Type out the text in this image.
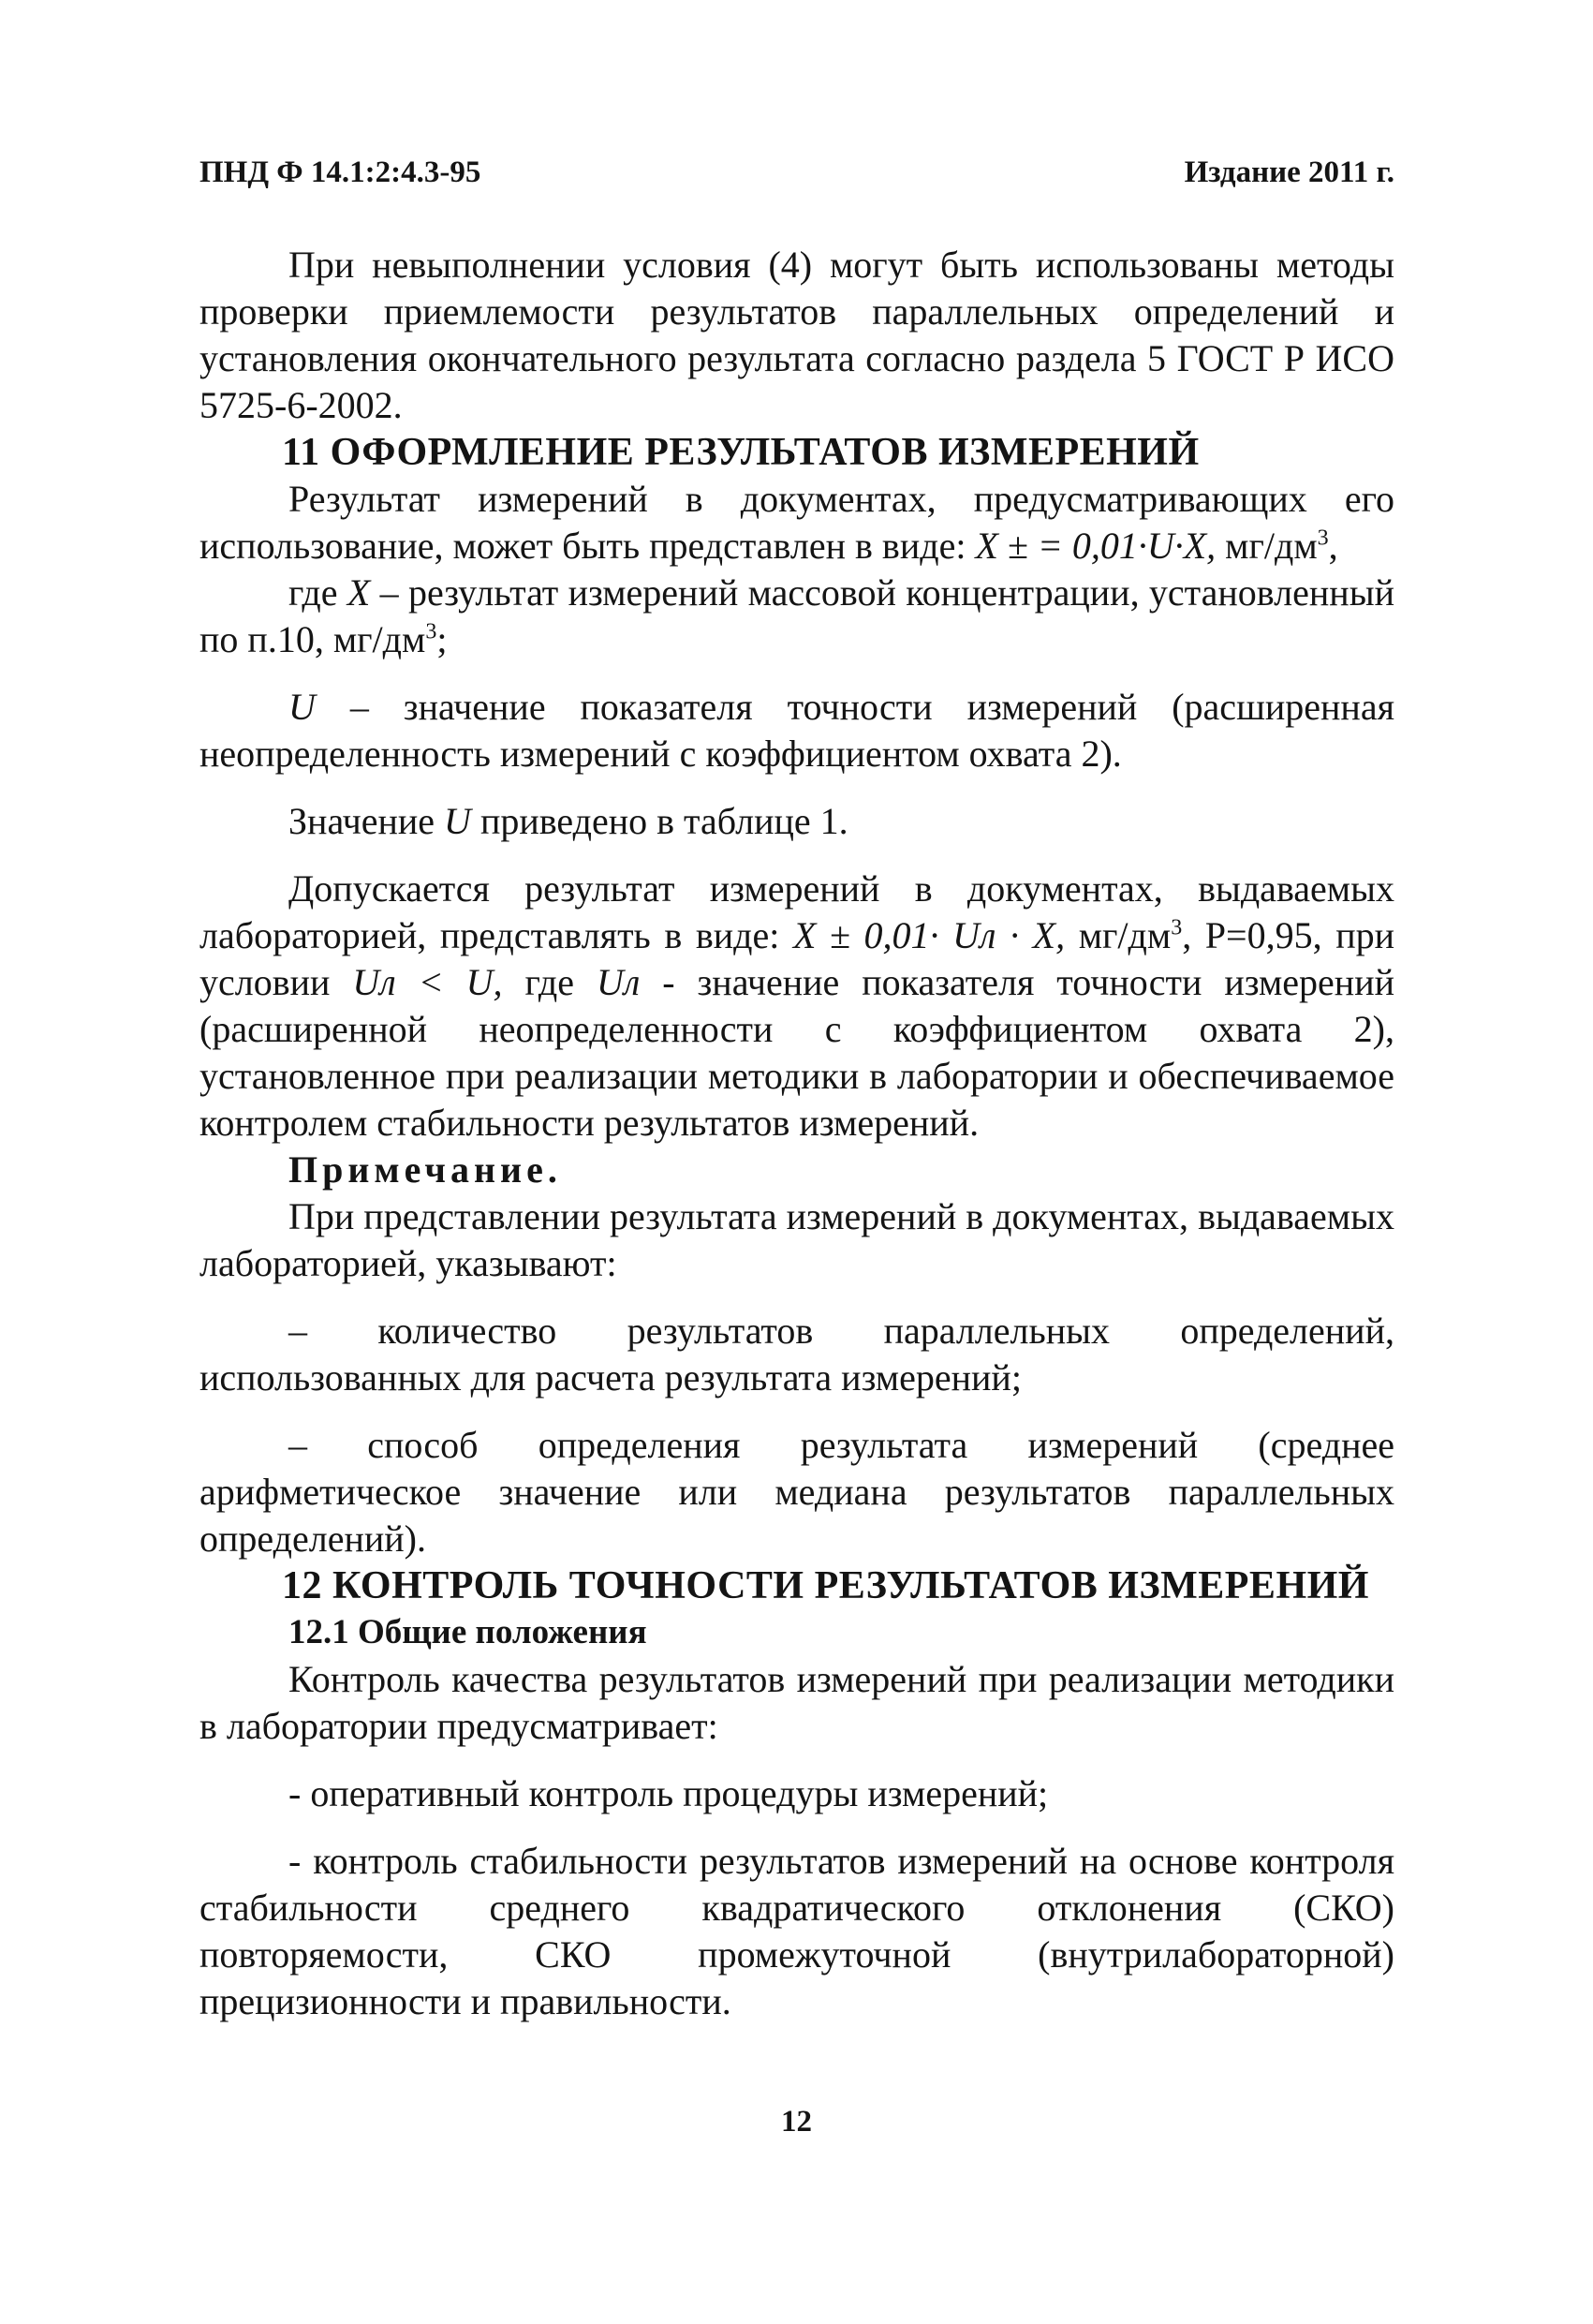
ПНД Ф 14.1:2:4.3-95	Издание 2011 г.

При невыполнении условия (4) могут быть использованы методы проверки приемлемости результатов параллельных определений и установления окончательного результата согласно раздела 5 ГОСТ Р ИСО 5725-6-2002.

11 ОФОРМЛЕНИЕ РЕЗУЛЬТАТОВ ИЗМЕРЕНИЙ

Результат измерений в документах, предусматривающих его использование, может быть представлен в виде: X ± = 0,01·U·X, $мг/дм^3$,

где X – результат измерений массовой концентрации, установленный по п.10, $мг/дм^3$;

U – значение показателя точности измерений (расширенная неопределенность измерений с коэффициентом охвата 2).

Значение U приведено в таблице 1.

Допускается результат измерений в документах, выдаваемых лабораторией, представлять в виде: X ± 0,01· Uл · X, $мг/дм^3$, Р=0,95, при условии Uл < U, где Uл - значение показателя точности измерений (расширенной неопределенности с коэффициентом охвата 2), установленное при реализации методики в лаборатории и обеспечиваемое контролем стабильности результатов измерений.

Примечание.

При представлении результата измерений в документах, выдаваемых лабораторией, указывают:

– количество результатов параллельных определений, использованных для расчета результата измерений;

– способ определения результата измерений (среднее арифметическое значение или медиана результатов параллельных определений).

12 КОНТРОЛЬ ТОЧНОСТИ РЕЗУЛЬТАТОВ ИЗМЕРЕНИЙ

12.1 Общие положения

Контроль качества результатов измерений при реализации методики в лаборатории предусматривает:

- оперативный контроль процедуры измерений;

- контроль стабильности результатов измерений на основе контроля стабильности среднего квадратического отклонения (СКО) повторяемости, СКО промежуточной (внутрилабораторной) прецизионности и правильности.

12
